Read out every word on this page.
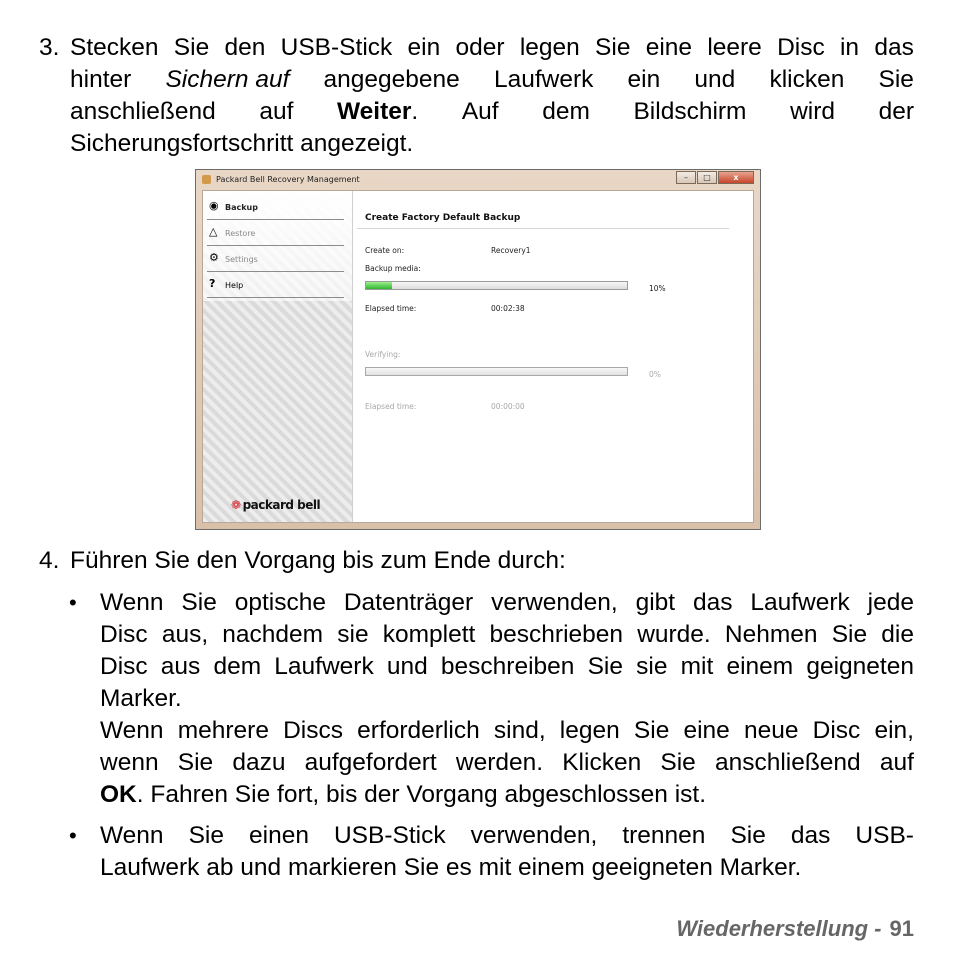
3. Stecken Sie den USB-Stick ein oder legen Sie eine leere Disc in das
hinter Sichern auf angegebene Laufwerk ein und klicken Sie
anschließend auf Weiter. Auf dem Bildschirm wird der
Sicherungsfortschritt angezeigt.
Packard Bell Recovery Management	–	□	x
◉ Backup
△ Restore
⚙ Settings
?	Help
❁ packard bell
Create Factory Default Backup
Create on:	Recovery1
Backup media:
10%
Elapsed time:	00:02:38
Verifying:
0%
Elapsed time:	00:00:00
4. Führen Sie den Vorgang bis zum Ende durch:
• Wenn Sie optische Datenträger verwenden, gibt das Laufwerk jede
Disc aus, nachdem sie komplett beschrieben wurde. Nehmen Sie die
Disc aus dem Laufwerk und beschreiben Sie sie mit einem geigneten
Marker.
Wenn mehrere Discs erforderlich sind, legen Sie eine neue Disc ein,
wenn Sie dazu aufgefordert werden. Klicken Sie anschließend auf
OK. Fahren Sie fort, bis der Vorgang abgeschlossen ist.
• Wenn Sie einen USB-Stick verwenden, trennen Sie das USB-
Laufwerk ab und markieren Sie es mit einem geeigneten Marker.
Wiederherstellung - 91
